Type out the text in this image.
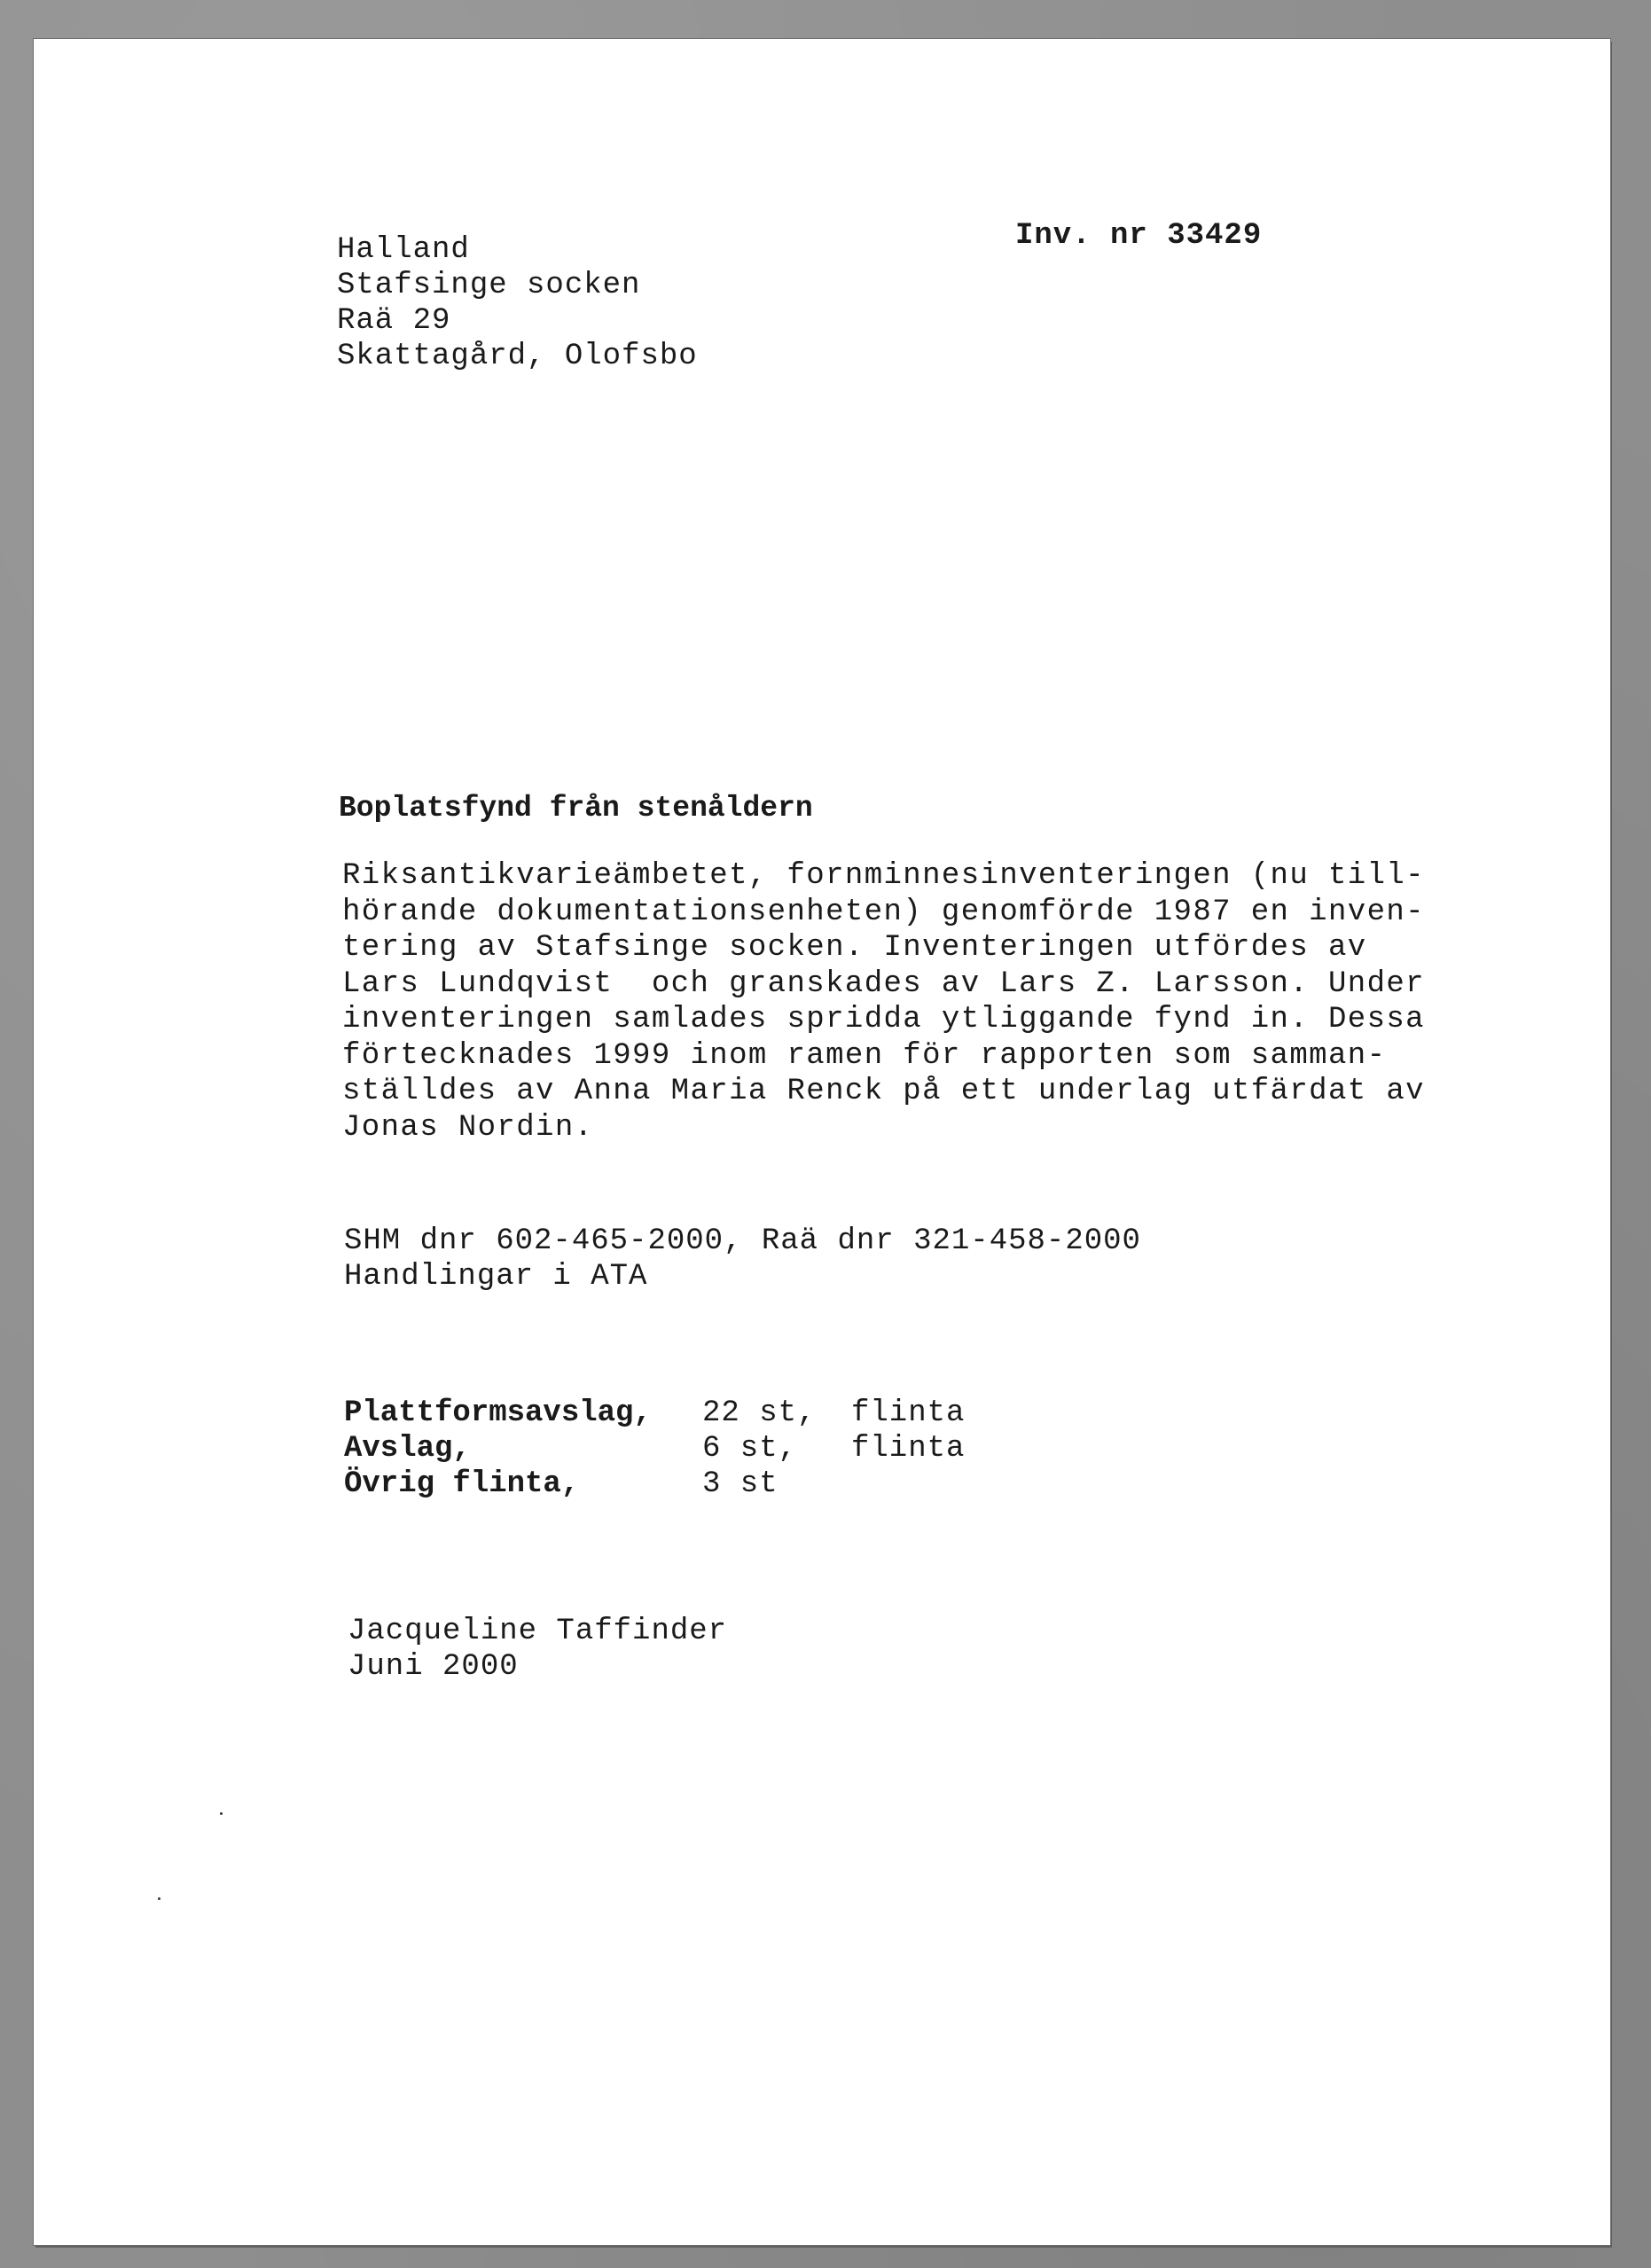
Halland
Stafsinge socken
Raä 29
Skattagård, Olofsbo
Inv. nr 33429
Boplatsfynd från stenåldern
Riksantikvarieämbetet, fornminnesinventeringen (nu till-
hörande dokumentationsenheten) genomförde 1987 en inven-
tering av Stafsinge socken. Inventeringen utfördes av
Lars Lundqvist  och granskades av Lars Z. Larsson. Under
inventeringen samlades spridda ytliggande fynd in. Dessa
förtecknades 1999 inom ramen för rapporten som samman-
ställdes av Anna Maria Renck på ett underlag utfärdat av
Jonas Nordin.
SHM dnr 602-465-2000, Raä dnr 321-458-2000
Handlingar i ATA
Plattformsavslag, 22 st, flinta
Avslag,	6 st, flinta
Övrig flinta,	3 st
Jacqueline Taffinder
Juni 2000
